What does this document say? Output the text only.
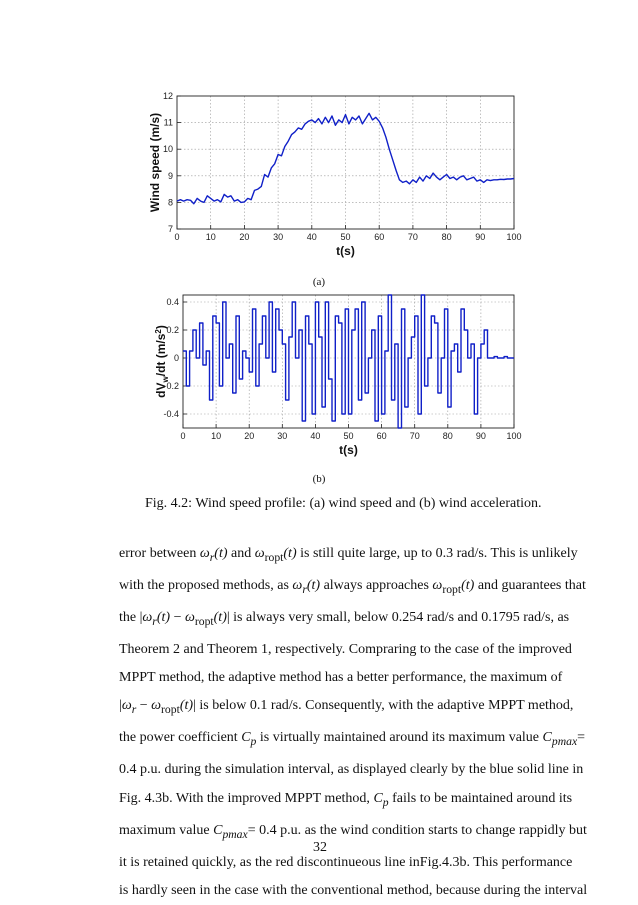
0	10	20	30	40	50	60	70	80	90 100
7
8
9
10
11
12
t(s)
Wind speed (m/s)
0	10	20	30	40	50	60	70	80	90 100
0.4
0.2
0
-0.2
-0.4
t(s)
$dV_w/dt$ $(m/s^2)$
(a)
(b)
Fig. 4.2: Wind speed profile: (a) wind speed and (b) wind acceleration.

error between $\omega_r(t)$ and $\omega_{ropt}(t)$ is still quite large, up to 0.3 rad/s. This is unlikely

with the proposed methods, as $\omega_r(t)$ always approaches $\omega_{ropt}(t)$ and guarantees that

the $|\omega_r(t) - \omega_{ropt}(t)|$ is always very small, below 0.254 rad/s and 0.1795 rad/s, as

Theorem 2 and Theorem 1, respectively. Compraring to the case of the improved

MPPT method, the adaptive method has a better performance, the maximum of

$|\omega_r - \omega_{ropt}(t)|$ is below 0.1 rad/s. Consequently, with the adaptive MPPT method,

the power coefficient $C_p$ is virtually maintained around its maximum value $C_{pmax}=$

0.4 p.u. during the simulation interval, as displayed clearly by the blue solid line in

Fig. 4.3b. With the improved MPPT method, $C_p$ fails to be maintained around its

maximum value $C_{pmax}= 0.4$ p.u. as the wind condition starts to change rappidly but

it is retained quickly, as the red discontinueous line inFig.4.3b. This performance

is hardly seen in the case with the conventional method, because during the interval

32
